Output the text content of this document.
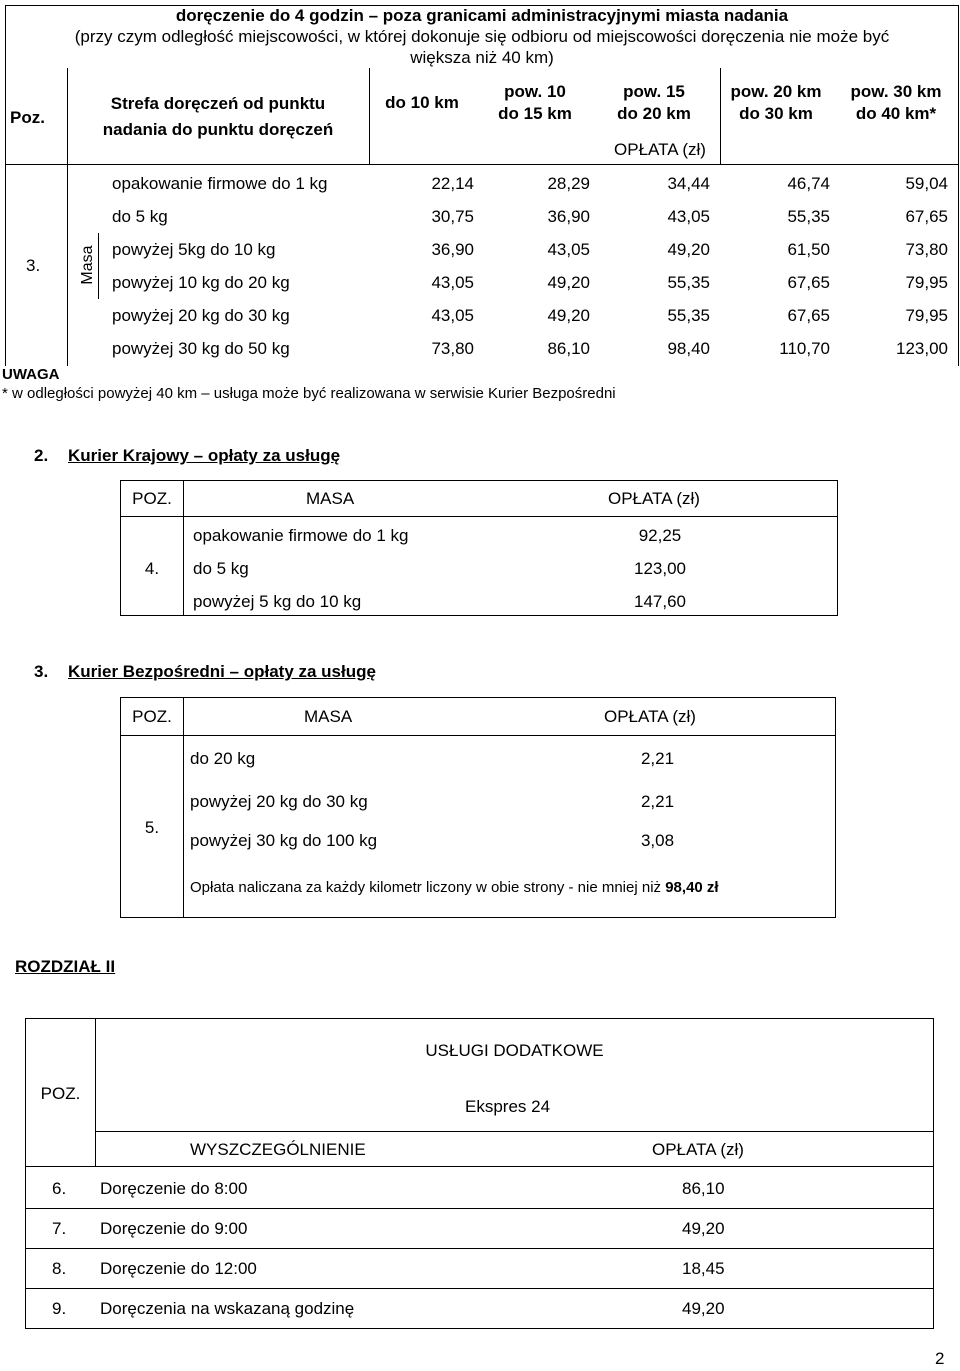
doręczenie do 4 godzin – poza granicami administracyjnymi miasta nadania
(przy czym odległość miejscowości, w której dokonuje się odbioru od miejscowości doręczenia nie może być
większa niż 40 km)
Poz.
Strefa doręczeń od punktu
nadania do punktu doręczeń
do 10 km
pow. 10
do 15 km
pow. 15
do 20 km
pow. 20 km
do 30 km
pow. 30 km
do 40 km*
OPŁATA (zł)
3. Masa
opakowanie firmowe do 1 kg	22,14	28,29	34,44	46,74	59,04
do 5 kg	30,75	36,90	43,05	55,35	67,65
powyżej 5kg do 10 kg	36,90	43,05	49,20	61,50	73,80
powyżej 10 kg do 20 kg	43,05	49,20	55,35	67,65	79,95
powyżej 20 kg do 30 kg	43,05	49,20	55,35	67,65	79,95
powyżej 30 kg do 50 kg	73,80	86,10	98,40	110,70	123,00
UWAGA
* w odległości powyżej 40 km – usługa może być realizowana w serwisie Kurier Bezpośredni
2. Kurier Krajowy – opłaty za usługę
POZ.	MASA	OPŁATA (zł)
4.
opakowanie firmowe do 1 kg	92,25
do 5 kg	123,00
powyżej 5 kg do 10 kg	147,60
3. Kurier Bezpośredni – opłaty za usługę
POZ.	MASA	OPŁATA (zł)
5.
do 20 kg	2,21
powyżej 20 kg do 30 kg	2,21
powyżej 30 kg do 100 kg	3,08
Opłata naliczana za każdy kilometr liczony w obie strony - nie mniej niż 98,40 zł
ROZDZIAŁ II
POZ.
USŁUGI DODATKOWE
Ekspres 24
WYSZCZEGÓLNIENIE	OPŁATA (zł)
6. Doręczenie do 8:00	86,10
7. Doręczenie do 9:00	49,20
8. Doręczenie do 12:00	18,45
9. Doręczenia na wskazaną godzinę	49,20
2
